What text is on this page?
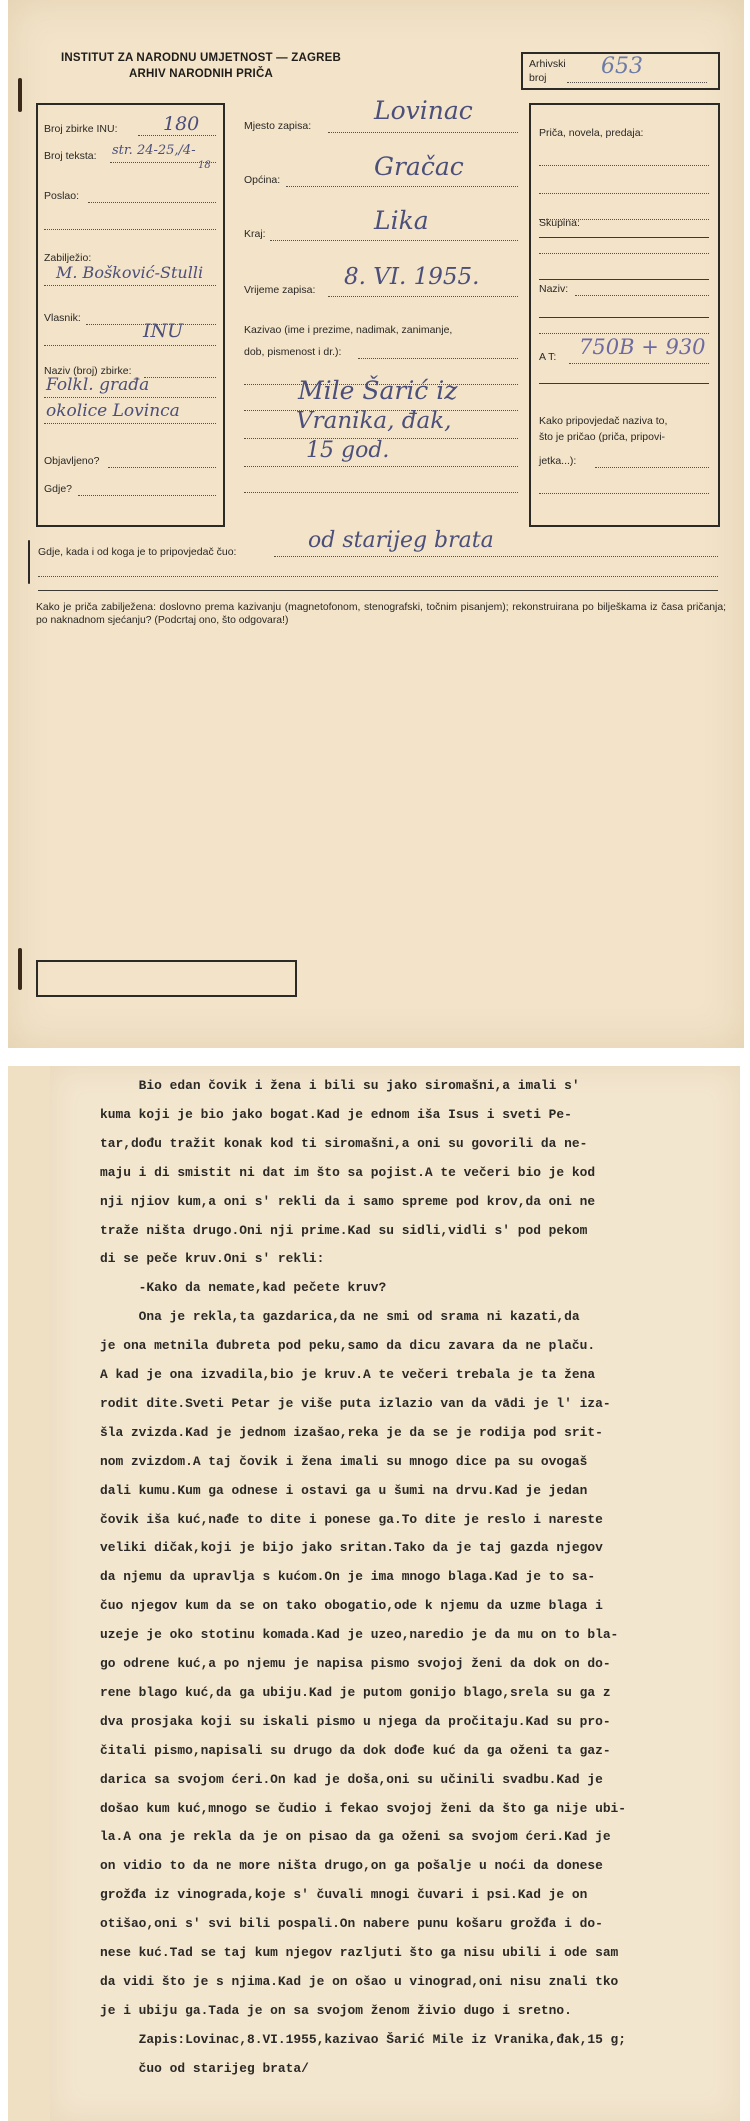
INSTITUT ZA NARODNU UMJETNOST — ZAGREB
ARHIV NARODNIH PRIČA
Arhivski
broj 653
Broj zbirke INU: 180
Broj teksta: str. 24-25,/4-
18
Poslao:
Zabilježio:
M. Bošković-Stulli
Vlasnik:
INU
Naziv (broj) zbirke:
Folkl. građa
okolice Lovinca
Objavljeno?
Gdje?
Mjesto zapisa:
Lovinac
Općina:	Gračac
Kraj:	Lika
Vrijeme zapisa: 8. VI. 1955.
Kazivao (ime i prezime, nadimak, zanimanje,
dob, pismenost i dr.):
Mile Šarić iz
Vranika, đak,
15 god.
Priča, novela, predaja:
Skupina:
Naziv:
A T: 750B + 930
Kako pripovjedač naziva to,
što je pričao (priča, pripovi-
jetka...):
Gdje, kada i od koga je to pripovjedač čuo:	od starijeg brata
Kako je priča zabilježena: doslovno prema kazivanju (magnetofonom, stenografski, točnim pisanjem); rekonstruirana po bilješkama iz časa pričanja; po naknadnom sjećanju? (Podcrtaj ono, što odgovara!)
Bio edan čovik i žena i bili su jako siromašni,a imali s'
kuma koji je bio jako bogat.Kad je ednom iša Isus i sveti Pe-
tar,dođu tražit konak kod ti siromašni,a oni su govorili da ne-
maju i di smistit ni dat im što sa pojist.A te večeri bio je kod
nji njiov kum,a oni s' rekli da i samo spreme pod krov,da oni ne
traže ništa drugo.Oni nji prime.Kad su sidli,vidli s' pod pekom
di se peče kruv.Oni s' rekli:
-Kako da nemate,kad pečete kruv?
Ona je rekla,ta gazdarica,da ne smi od srama ni kazati,da
je ona metnila đubreta pod peku,samo da dicu zavara da ne plaču.
A kad je ona izvadila,bio je kruv.A te večeri trebala je ta žena
rodit dite.Sveti Petar je više puta izlazio van da vādi je l' iza-
šla zvizda.Kad je jednom izašao,reka je da se je rodija pod srit-
nom zvizdom.A taj čovik i žena imali su mnogo dice pa su ovogaš
dali kumu.Kum ga odnese i ostavi ga u šumi na drvu.Kad je jedan
čovik iša kuć,nađe to dite i ponese ga.To dite je reslo i nareste
veliki dičak,koji je bijo jako sritan.Tako da je taj gazda njegov
da njemu da upravlja s kućom.On je ima mnogo blaga.Kad je to sa-
čuo njegov kum da se on tako obogatio,ode k njemu da uzme blaga i
uzeje je oko stotinu komada.Kad je uzeo,naredio je da mu on to blа-
go odrene kuć,a po njemu je napisa pismo svojoj ženi da dok on do-
rene blago kuć,da ga ubiju.Kad je putom gonijo blago,srela su ga z
dva prosjaka koji su iskali pismo u njega da pročitaju.Kad su pro-
čitali pismo,napisali su drugo da dok dođe kuć da ga oženi ta gaz-
darica sa svojom ćeri.On kad je doša,oni su učinili svadbu.Kad je
došao kum kuć,mnogo se čudio i fekao svojoj ženi da što ga nije ubi-
la.A ona je rekla da je on pisao da ga oženi sa svojom ćeri.Kad je
on vidio to da ne more ništa drugo,on ga pošalje u noći da donese
grožđa iz vinograda,koje s' čuvali mnogi čuvari i psi.Kad je on
otišao,oni s' svi bili pospali.On nabere punu košaru grožđa i do-
nese kuć.Tad se taj kum njegov razljuti što ga nisu ubili i ode sam
da vidi što je s njima.Kad je on ošao u vinograd,oni nisu znali tko
je i ubiju ga.Tada je on sa svojom ženom živio dugo i sretno.
Zapis:Lovinac,8.VI.1955,kazivao Šarić Mile iz Vranika,đak,15 g;
čuo od starijeg brata/
